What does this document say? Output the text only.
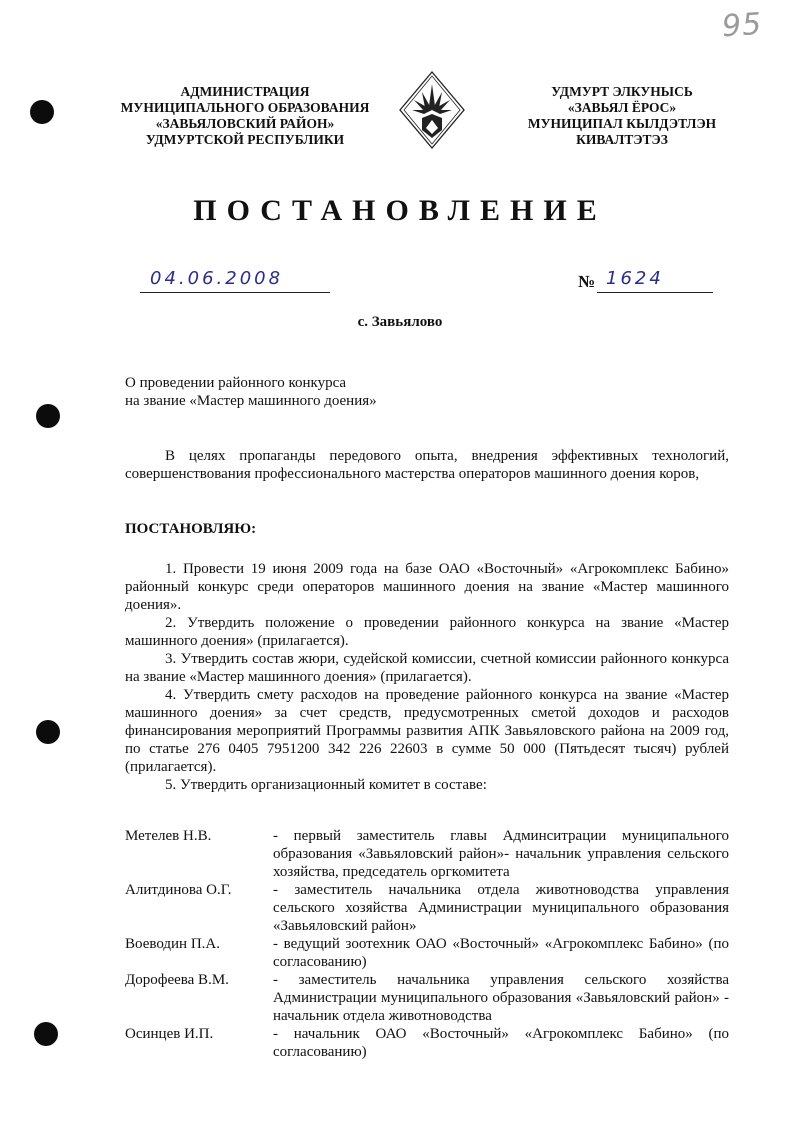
95
АДМИНИСТРАЦИЯ
МУНИЦИПАЛЬНОГО ОБРАЗОВАНИЯ
«ЗАВЬЯЛОВСКИЙ РАЙОН»
УДМУРТСКОЙ РЕСПУБЛИКИ
УДМУРТ ЭЛКУНЫСЬ
«ЗАВЬЯЛ ЁРОС»
МУНИЦИПАЛ КЫЛДЭТЛЭН
КИВАЛТЭТЭЗ
ПОСТАНОВЛЕНИЕ
04.06.2008	№ 1624
с. Завьялово
О проведении районного конкурса
на звание «Мастер машинного доения»
В целях пропаганды передового опыта, внедрения эффективных технологий, совершенствования профессионального мастерства операторов машинного доения коров,
ПОСТАНОВЛЯЮ:

1. Провести 19 июня 2009 года на базе ОАО «Восточный» «Агрокомплекс Бабино» районный конкурс среди операторов машинного доения на звание «Мастер машинного доения».

2. Утвердить положение о проведении районного конкурса на звание «Мастер машинного доения» (прилагается).

3. Утвердить состав жюри, судейской комиссии, счетной комиссии районного конкурса на звание «Мастер машинного доения» (прилагается).

4. Утвердить смету расходов на проведение районного конкурса на звание «Мастер машинного доения» за счет средств, предусмотренных сметой доходов и расходов финансирования мероприятий Программы развития АПК Завьяловского района на 2009 год, по статье 276 0405 7951200 342 226 22603 в сумме 50 000 (Пятьдесят тысяч) рублей (прилагается).

5. Утвердить организационный комитет в составе:

Метелев Н.В.	- первый заместитель главы Админситрации муниципального образования «Завьяловский район»- начальник управления сельского хозяйства, председатель оргкомитета
Алитдинова О.Г.	- заместитель начальника отдела животноводства управления сельского хозяйства Администрации муниципального образования «Завьяловский район»
Воеводин П.А.	- ведущий зоотехник ОАО «Восточный» «Агрокомплекс Бабино» (по согласованию)
Дорофеева В.М.	- заместитель начальника управления сельского хозяйства Администрации муниципального образования «Завьяловский район» - начальник отдела животноводства
Осинцев И.П.	- начальник ОАО «Восточный» «Агрокомплекс Бабино» (по согласованию)
